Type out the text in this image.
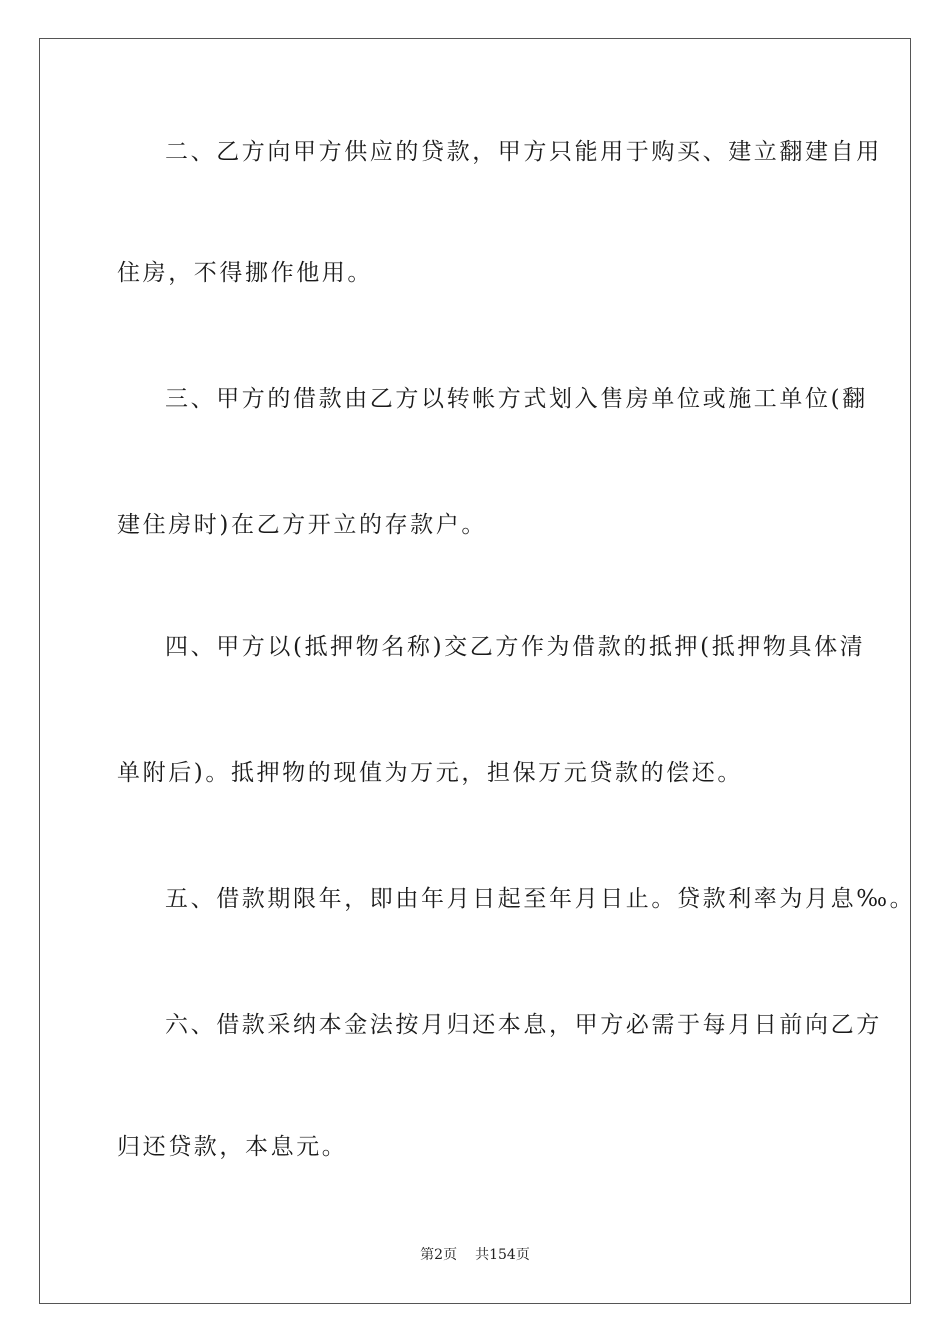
二、乙方向甲方供应的贷款，甲方只能用于购买、建立翻建自用
住房，不得挪作他用。
三、甲方的借款由乙方以转帐方式划入售房单位或施工单位(翻
建住房时)在乙方开立的存款户。
四、甲方以(抵押物名称)交乙方作为借款的抵押(抵押物具体清
单附后)。抵押物的现值为万元，担保万元贷款的偿还。
五、借款期限年，即由年月日起至年月日止。贷款利率为月息‰。
六、借款采纳本金法按月归还本息，甲方必需于每月日前向乙方
归还贷款，本息元。
第2页 共154页
